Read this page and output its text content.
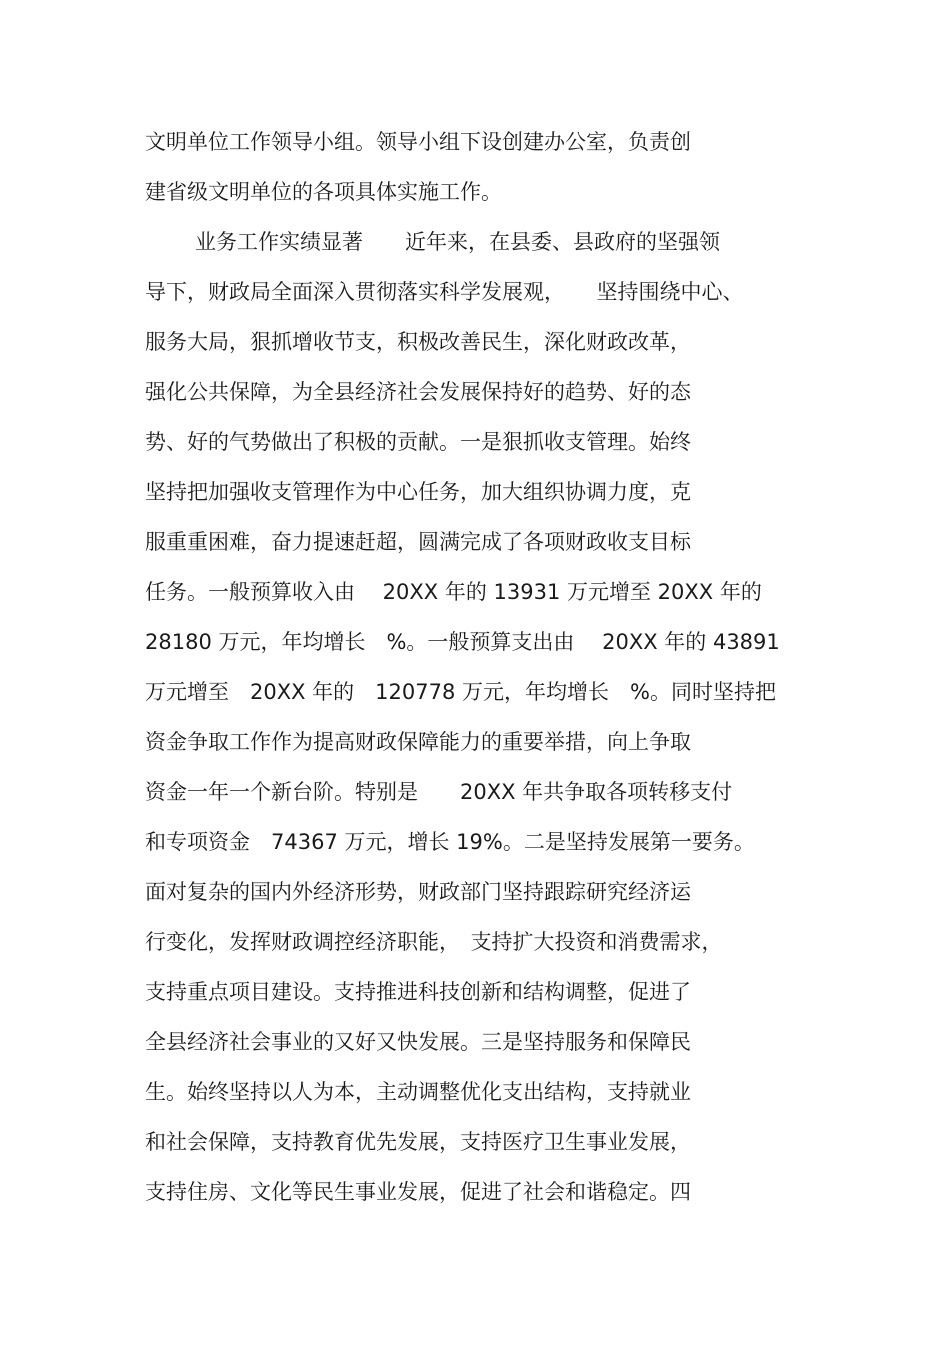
文明单位工作领导小组。领导小组下设创建办公室，负责创
建省级文明单位的各项具体实施工作。
业务工作实绩显著　　近年来，在县委、县政府的坚强领
导下，财政局全面深入贯彻落实科学发展观，　　坚持围绕中心、
服务大局，狠抓增收节支，积极改善民生，深化财政改革，
强化公共保障，为全县经济社会发展保持好的趋势、好的态
势、好的气势做出了积极的贡献。一是狠抓收支管理。始终
坚持把加强收支管理作为中心任务，加大组织协调力度，克
服重重困难，奋力提速赶超，圆满完成了各项财政收支目标
任务。一般预算收入由　 20XX 年的 13931 万元增至 20XX 年的
28180 万元，年均增长　%。一般预算支出由　 20XX 年的 43891
万元增至　20XX 年的　120778 万元，年均增长　%。同时坚持把
资金争取工作作为提高财政保障能力的重要举措，向上争取
资金一年一个新台阶。特别是　　20XX 年共争取各项转移支付
和专项资金　74367 万元，增长 19%。二是坚持发展第一要务。
面对复杂的国内外经济形势，财政部门坚持跟踪研究经济运
行变化，发挥财政调控经济职能，　支持扩大投资和消费需求，
支持重点项目建设。支持推进科技创新和结构调整，促进了
全县经济社会事业的又好又快发展。三是坚持服务和保障民
生。始终坚持以人为本，主动调整优化支出结构，支持就业
和社会保障，支持教育优先发展，支持医疗卫生事业发展，
支持住房、文化等民生事业发展，促进了社会和谐稳定。四
